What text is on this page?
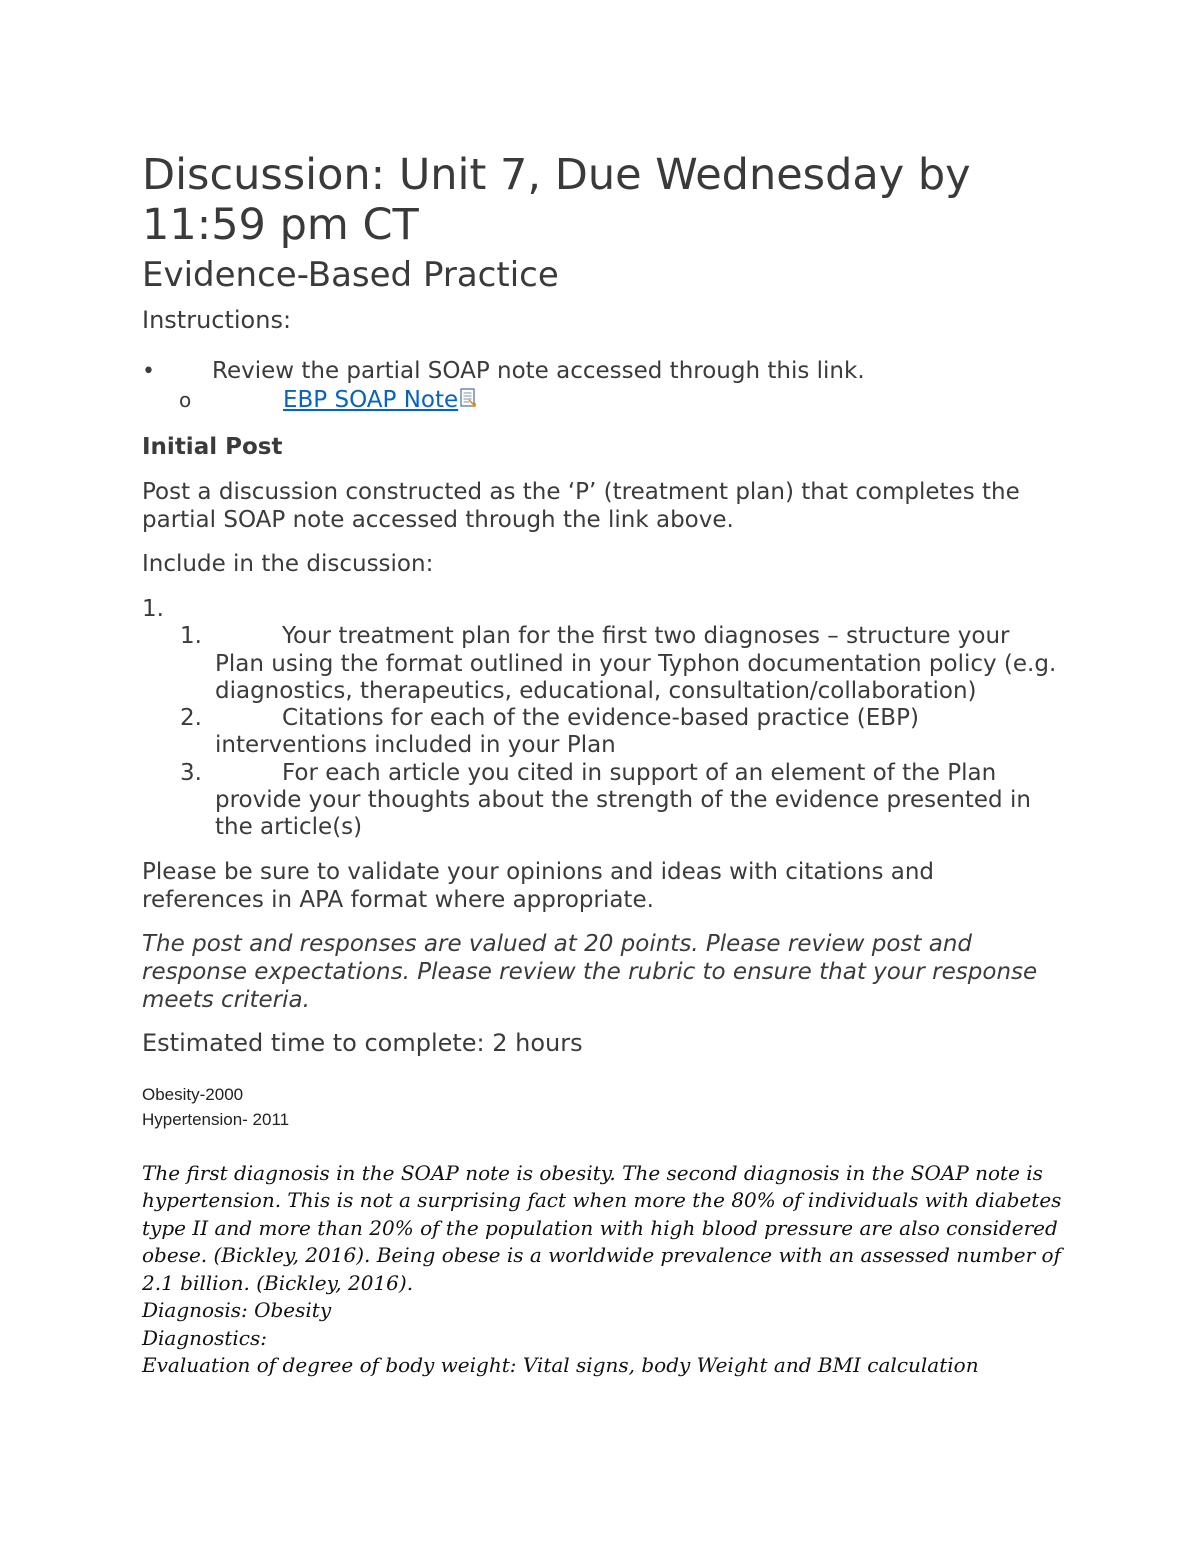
Discussion: Unit 7, Due Wednesday by 11:59 pm CT
Evidence-Based Practice

Instructions:

• Review the partial SOAP note accessed through this link.
o	EBP SOAP Note

Initial Post

Post a discussion constructed as the ‘P’ (treatment plan) that completes the partial SOAP note accessed through the link above.

Include in the discussion:

1.
1.	Your treatment plan for the first two diagnoses – structure your Plan using the format outlined in your Typhon documentation policy (e.g. diagnostics, therapeutics, educational, consultation/collaboration)
2.	Citations for each of the evidence-based practice (EBP) interventions included in your Plan
3.	For each article you cited in support of an element of the Plan provide your thoughts about the strength of the evidence presented in the article(s)

Please be sure to validate your opinions and ideas with citations and references in APA format where appropriate.

The post and responses are valued at 20 points. Please review post and response expectations. Please review the rubric to ensure that your response meets criteria.

Estimated time to complete: 2 hours

Obesity-2000
Hypertension- 2011
The first diagnosis in the SOAP note is obesity. The second diagnosis in the SOAP note is hypertension. This is not a surprising fact when more the 80% of individuals with diabetes type II and more than 20% of the population with high blood pressure are also considered obese. (Bickley, 2016). Being obese is a worldwide prevalence with an assessed number of 2.1 billion. (Bickley, 2016).
Diagnosis: Obesity
Diagnostics:
Evaluation of degree of body weight: Vital signs, body Weight and BMI calculation
